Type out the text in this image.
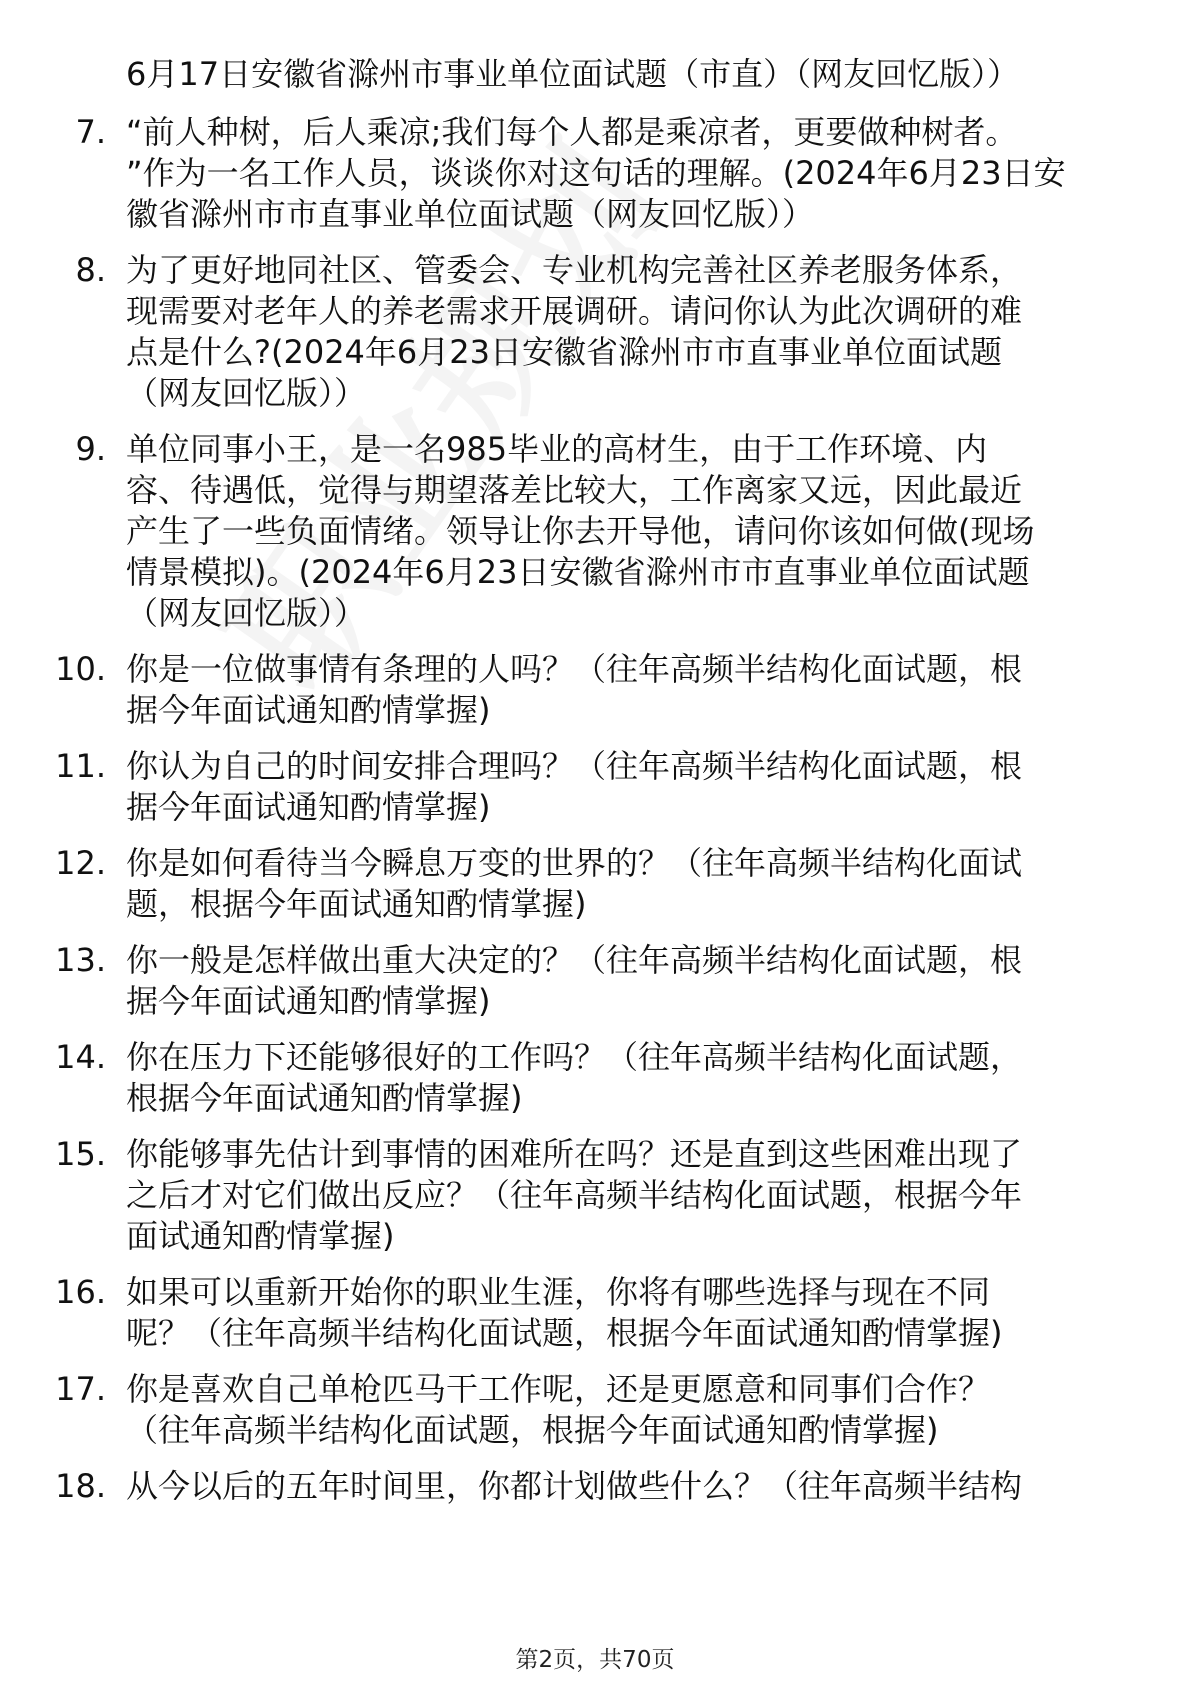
6月17日安徽省滁州市事业单位面试题（市直）（网友回忆版））
7. “前人种树，后人乘凉;我们每个人都是乘凉者，更要做种树者。
”作为一名工作人员，谈谈你对这句话的理解。(2024年6月23日安
徽省滁州市市直事业单位面试题（网友回忆版））
8. 为了更好地同社区、管委会、专业机构完善社区养老服务体系，
现需要对老年人的养老需求开展调研。请问你认为此次调研的难
点是什么?(2024年6月23日安徽省滁州市市直事业单位面试题
（网友回忆版））
9. 单位同事小王，是一名985毕业的高材生，由于工作环境、内
容、待遇低，觉得与期望落差比较大，工作离家又远，因此最近
产生了一些负面情绪。领导让你去开导他，请问你该如何做(现场
情景模拟)。(2024年6月23日安徽省滁州市市直事业单位面试题
（网友回忆版））
10. 你是一位做事情有条理的人吗？（往年高频半结构化面试题，根
据今年面试通知酌情掌握)
11. 你认为自己的时间安排合理吗？（往年高频半结构化面试题，根
据今年面试通知酌情掌握)
12. 你是如何看待当今瞬息万变的世界的？（往年高频半结构化面试
题，根据今年面试通知酌情掌握)
13. 你一般是怎样做出重大决定的？（往年高频半结构化面试题，根
据今年面试通知酌情掌握)
14. 你在压力下还能够很好的工作吗？（往年高频半结构化面试题，
根据今年面试通知酌情掌握)
15. 你能够事先估计到事情的困难所在吗？还是直到这些困难出现了
之后才对它们做出反应？（往年高频半结构化面试题，根据今年
面试通知酌情掌握)
16. 如果可以重新开始你的职业生涯，你将有哪些选择与现在不同
呢？（往年高频半结构化面试题，根据今年面试通知酌情掌握)
17. 你是喜欢自己单枪匹马干工作呢，还是更愿意和同事们合作？
（往年高频半结构化面试题，根据今年面试通知酌情掌握)
18. 从今以后的五年时间里，你都计划做些什么？（往年高频半结构
第2页，共70页
